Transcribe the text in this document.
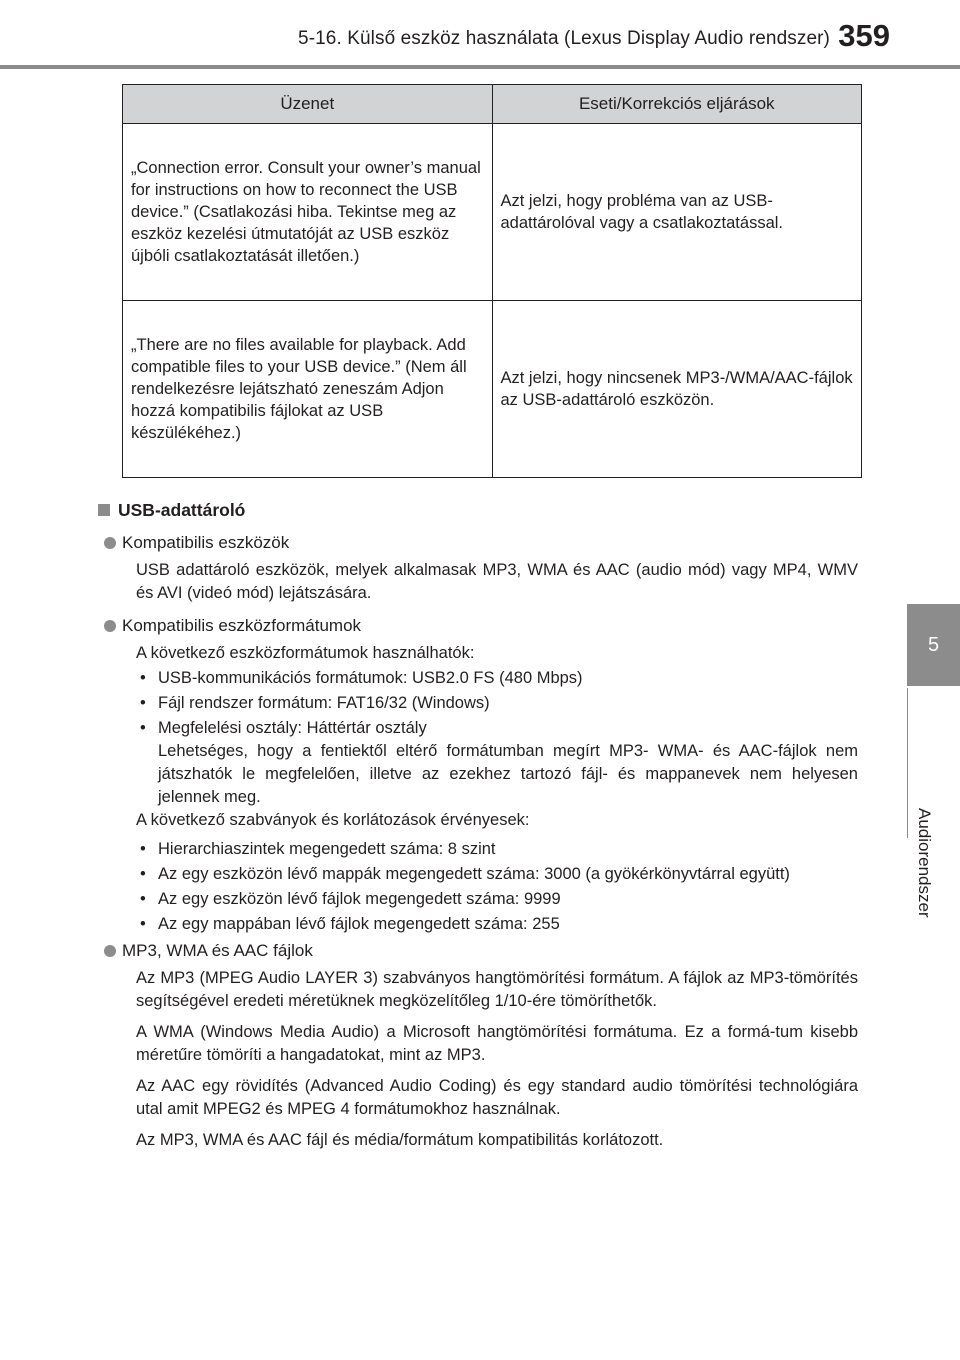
5-16. Külső eszköz használata (Lexus Display Audio rendszer) 359
5
Audiorendszer
Üzenet	Eseti/Korrekciós eljárások
„Connection error. Consult your owner’s manual for instructions on how to reconnect the USB device.” (Csatlakozási hiba. Tekintse meg az eszköz kezelési útmutatóját az USB eszköz újbóli csatlakoztatását illetően.)	Azt jelzi, hogy probléma van az USB-adattárolóval vagy a csatlakoztatással.
„There are no files available for playback. Add compatible files to your USB device.” (Nem áll rendelkezésre lejátszható zeneszám Adjon hozzá kompatibilis fájlokat az USB készülékéhez.)	Azt jelzi, hogy nincsenek MP3-/WMA/AAC-fájlok az USB-adattároló eszközön.
USB-adattároló
Kompatibilis eszközök
USB adattároló eszközök, melyek alkalmasak MP3, WMA és AAC (audio mód) vagy MP4, WMV és AVI (videó mód) lejátszására.
Kompatibilis eszközformátumok
A következő eszközformátumok használhatók:
• USB-kommunikációs formátumok: USB2.0 FS (480 Mbps)
• Fájl rendszer formátum: FAT16/32 (Windows)
• Megfelelési osztály: Háttértár osztály
Lehetséges, hogy a fentiektől eltérő formátumban megírt MP3- WMA- és AAC-fájlok nem játszhatók le megfelelően, illetve az ezekhez tartozó fájl- és mappanevek nem helyesen jelennek meg.
A következő szabványok és korlátozások érvényesek:
• Hierarchiaszintek megengedett száma: 8 szint
• Az egy eszközön lévő mappák megengedett száma: 3000 (a gyökérkönyvtárral együtt)
• Az egy eszközön lévő fájlok megengedett száma: 9999
• Az egy mappában lévő fájlok megengedett száma: 255
MP3, WMA és AAC fájlok
Az MP3 (MPEG Audio LAYER 3) szabványos hangtömörítési formátum. A fájlok az MP3-tömörítés segítségével eredeti méretüknek megközelítőleg 1/10-ére tömöríthetők.
A WMA (Windows Media Audio) a Microsoft hangtömörítési formátuma. Ez a formá-tum kisebb méretűre tömöríti a hangadatokat, mint az MP3.
Az AAC egy rövidítés (Advanced Audio Coding) és egy standard audio tömörítési technológiára utal amit MPEG2 és MPEG 4 formátumokhoz használnak.
Az MP3, WMA és AAC fájl és média/formátum kompatibilitás korlátozott.
